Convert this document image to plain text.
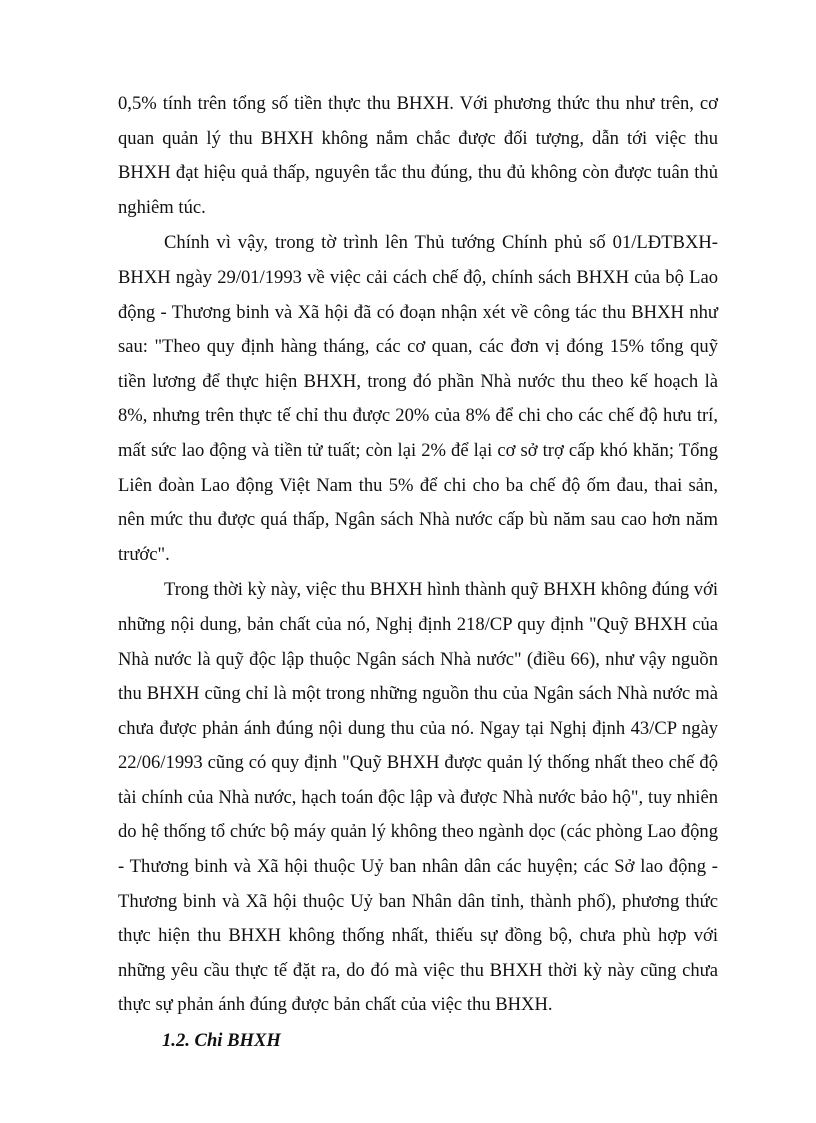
0,5% tính trên tổng số tiền thực thu BHXH. Với phương thức thu như trên, cơ quan quản lý thu BHXH không nắm chắc được đối tượng, dẫn tới việc thu BHXH đạt hiệu quả thấp, nguyên tắc thu đúng, thu đủ không còn được tuân thủ nghiêm túc.

Chính vì vậy, trong tờ trình lên Thủ tướng Chính phủ số 01/LĐTBXH-BHXH ngày 29/01/1993 về việc cải cách chế độ, chính sách BHXH của bộ Lao động - Thương binh và Xã hội đã có đoạn nhận xét về công tác thu BHXH như sau: "Theo quy định hàng tháng, các cơ quan, các đơn vị đóng 15% tổng quỹ tiền lương để thực hiện BHXH, trong đó phần Nhà nước thu theo kế hoạch là 8%, nhưng trên thực tế chỉ thu được 20% của 8% để chi cho các chế độ hưu trí, mất sức lao động và tiền tử tuất; còn lại 2% để lại cơ sở trợ cấp khó khăn; Tổng Liên đoàn Lao động Việt Nam thu 5% để chi cho ba chế độ ốm đau, thai sản, nên mức thu được quá thấp, Ngân sách Nhà nước cấp bù năm sau cao hơn năm trước".

Trong thời kỳ này, việc thu BHXH hình thành quỹ BHXH không đúng với những nội dung, bản chất của nó, Nghị định 218/CP quy định "Quỹ BHXH của Nhà nước là quỹ độc lập thuộc Ngân sách Nhà nước" (điều 66), như vậy nguồn thu BHXH cũng chỉ là một trong những nguồn thu của Ngân sách Nhà nước mà chưa được phản ánh đúng nội dung thu của nó. Ngay tại Nghị định 43/CP ngày 22/06/1993 cũng có quy định "Quỹ BHXH được quản lý thống nhất theo chế độ tài chính của Nhà nước, hạch toán độc lập và được Nhà nước bảo hộ", tuy nhiên do hệ thống tổ chức bộ máy quản lý không theo ngành dọc (các phòng Lao động - Thương binh và Xã hội thuộc Uỷ ban nhân dân các huyện; các Sở lao động - Thương binh và Xã hội thuộc Uỷ ban Nhân dân tỉnh, thành phố), phương thức thực hiện thu BHXH không thống nhất, thiếu sự đồng bộ, chưa phù hợp với những yêu cầu thực tế đặt ra, do đó mà việc thu BHXH thời kỳ này cũng chưa thực sự phản ánh đúng được bản chất của việc thu BHXH.

1.2. Chi BHXH
